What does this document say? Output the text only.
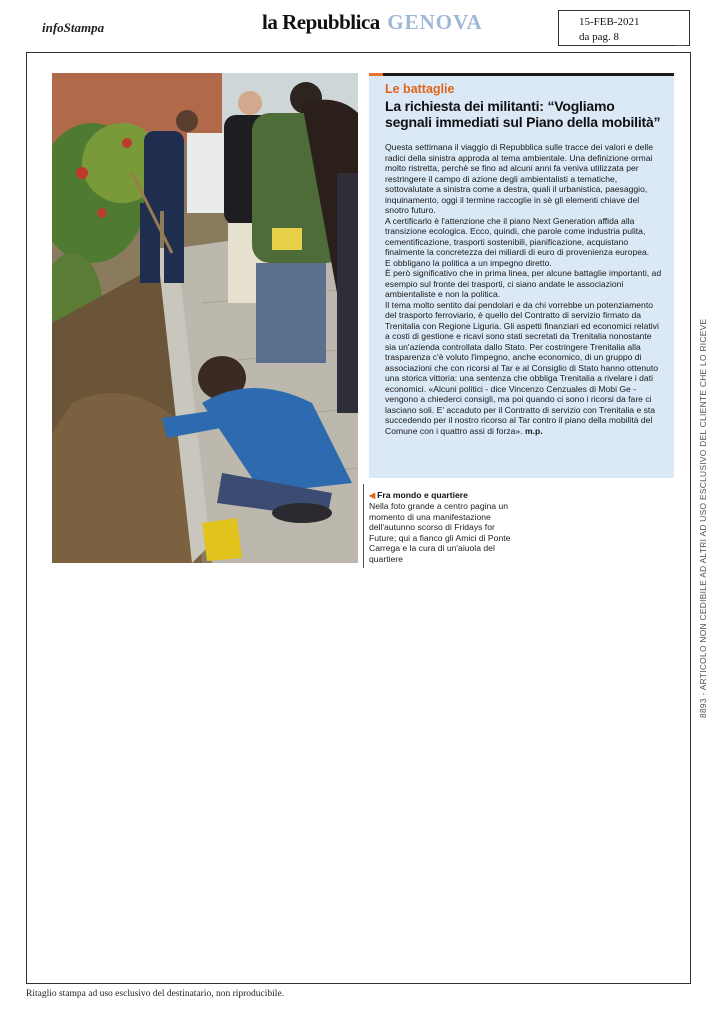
infoStampa	la Repubblica GENOVA	15-FEB-2021
da pag. 8
Le battaglie
La richiesta dei militanti: “Vogliamo segnali immediati sul Piano della mobilità”

Questa settimana il viaggio di Repubblica sulle tracce dei valori e delle radici della sinistra approda al tema ambientale. Una definizione ormai molto ristretta, perchè se fino ad alcuni anni fa veniva utilizzata per restringere il campo di azione degli ambientalisti a tematiche, sottovalutate a sinistra come a destra, quali il urbanistica, paesaggio, inquinamento, oggi il termine raccoglie in sè gli elementi chiave del snotro futuro.

A certificarlo è l'attenzione che il piano Next Generation affida alla transizione ecologica. Ecco, quindi, che parole come industria pulita, cementificazione, trasporti sostenibili, pianificazione, acquistano finalmente la concretezza dei miliardi di euro di provenienza europea.

E obbligano la politica a un impegno diretto.

È però significativo che in prima linea, per alcune battaglie importanti, ad esempio sul fronte dei trasporti, ci siano andate le associazioni ambientaliste e non la politica.

Il tema molto sentito dai pendolari e da chi vorrebbe un potenziamento del trasporto ferroviario, è quello del Contratto di servizio firmato da Trenitalia con Regione Liguria. Gli aspetti finanziari ed economici relativi a costi di gestione e ricavi sono stati secretati da Trenitalia nonostante sia un'azienda controllata dallo Stato. Per costringere Trenitalia alla trasparenza c'è voluto l'impegno, anche economico, di un gruppo di associazioni che con ricorsi al Tar e al Consiglio di Stato hanno ottenuto una storica vittoria: una sentenza che obbliga Trenitalia a rivelare i dati economici. «Alcuni politici - dice Vincenzo Cenzuales di Mobi Ge - vengono a chiederci consigli, ma poi quando ci sono i ricorsi da fare ci lasciano soli. E' accaduto per il Contratto di servizio con Trenitalia e sta succedendo per il nostro ricorso al Tar contro il piano della mobilità del Comune con i quattro assi di forza». m.p.

◀ Fra mondo e quartiere
Nella foto grande a centro pagina un momento di una manifestazione dell'autunno scorso di Fridays for Future; qui a fianco gli Amici di Ponte Carrega e la cura di un'aiuola del quartiere	8893 - ARTICOLO NON CEDIBILE AD ALTRI AD USO ESCLUSIVO DEL CLIENTE CHE LO RICEVE
Ritaglio stampa ad uso esclusivo del destinatario, non riproducibile.
